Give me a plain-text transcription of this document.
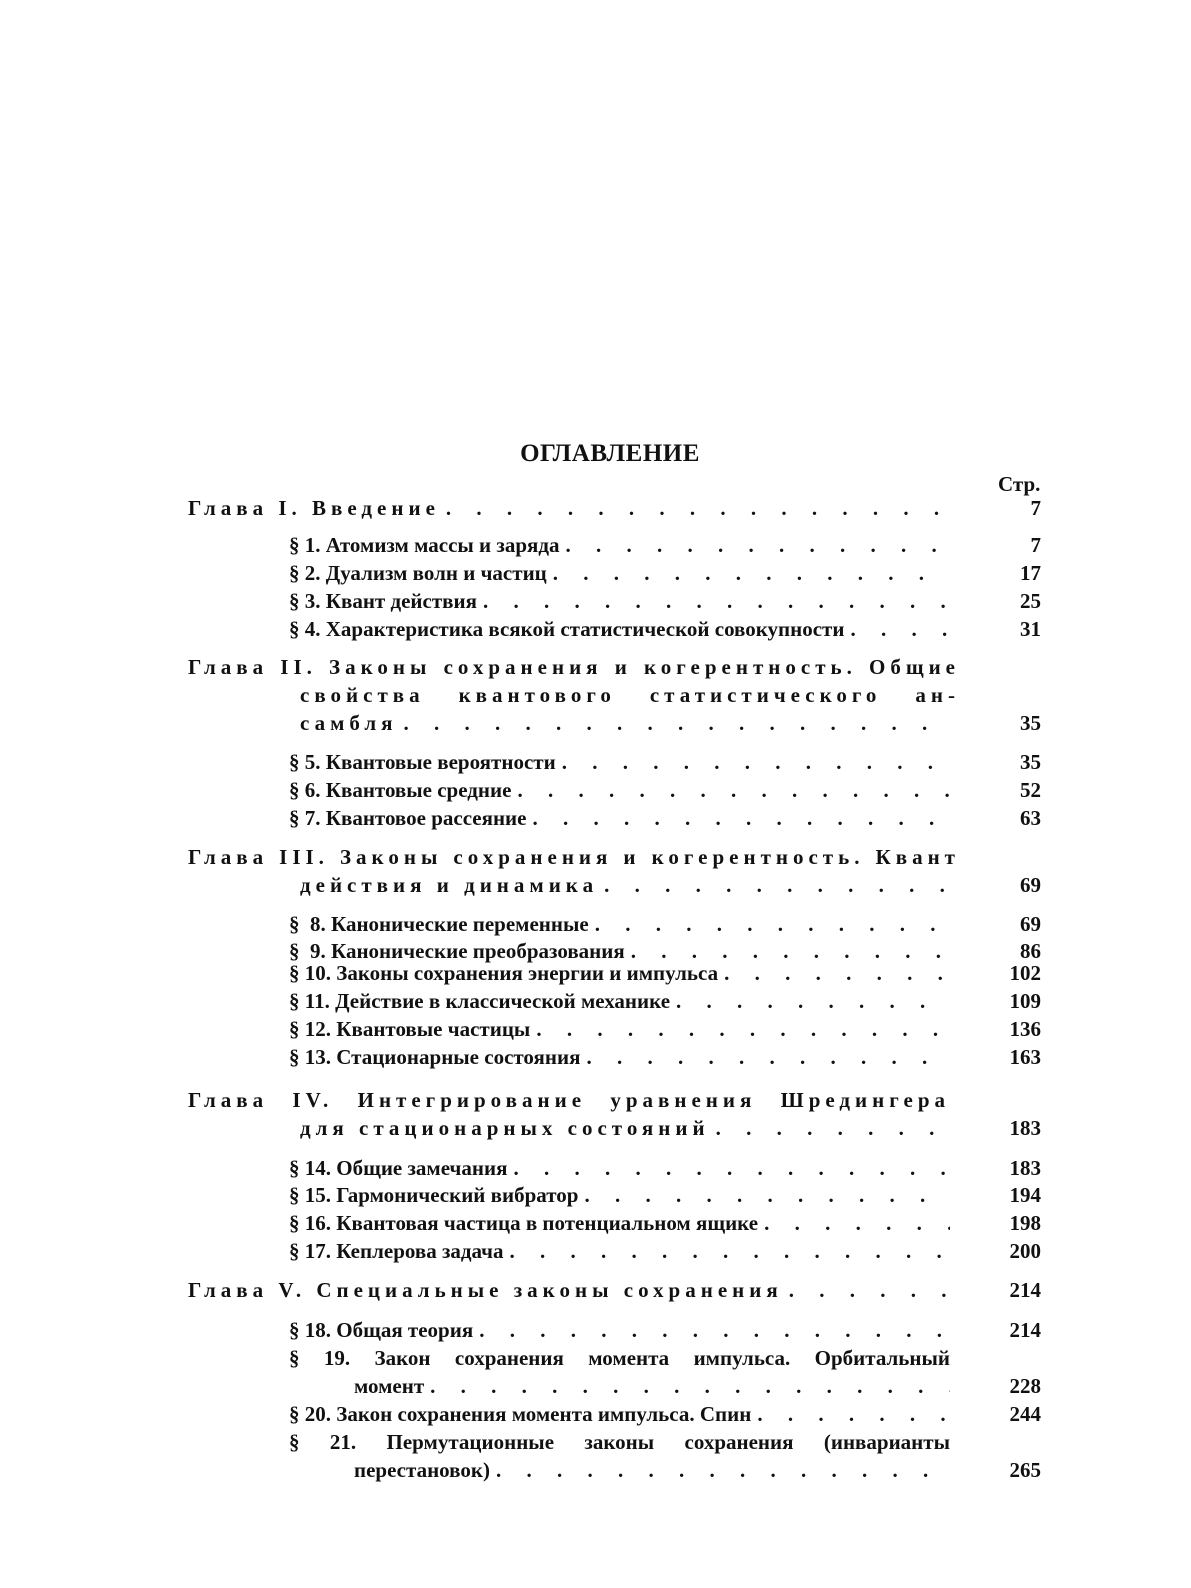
ОГЛАВЛЕНИЕ
Стр.
Глава I. Введение . . .	7
§ 1. Атомизм массы и заряда . . .	7
§ 2. Дуализм волн и частиц . . .	17
§ 3. Квант действия . . .	25
§ 4. Характеристика всякой статистической совокупности . . .	31
Глава II. Законы сохранения и когерентность. Общие
свойства квантового статистического ан-
самбля . . .	35
§ 5. Квантовые вероятности . . .	35
§ 6. Квантовые средние . . .	52
§ 7. Квантовое рассеяние . . .	63
Глава III. Законы сохранения и когерентность. Квант
действия и динамика . . .	69
§  8. Канонические переменные . . .	69
§  9. Канонические преобразования . . .	86
§ 10. Законы сохранения энергии и импульса . . .	102
§ 11. Действие в классической механике . . .	109
§ 12. Квантовые частицы . . .	136
§ 13. Стационарные состояния . . .	163
Глава IV. Интегрирование уравнения Шредингера
для стационарных состояний . . .	183
§ 14. Общие замечания . . .	183
§ 15. Гармонический вибратор . . .	194
§ 16. Квантовая частица в потенциальном ящике . . .	198
§ 17. Кеплерова задача . . .	200
Глава V. Специальные законы сохранения . . .	214
§ 18. Общая теория . . .	214
§ 19. Закон сохранения момента импульса. Орбитальный
момент . . .	228
§ 20. Закон сохранения момента импульса. Спин . . .	244
§ 21. Пермутационные законы сохранения (инварианты
перестановок) . . .	265
